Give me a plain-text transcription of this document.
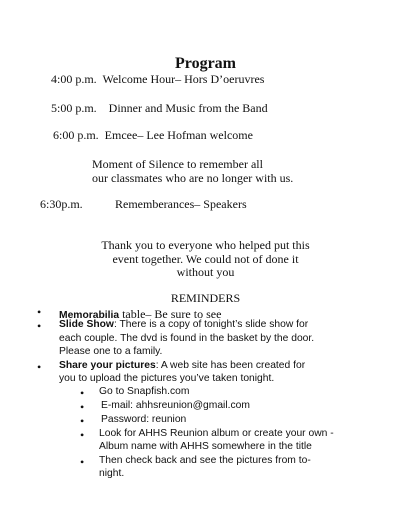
Program
4:00 p.m. Welcome Hour– Hors D’oeruvres
5:00 p.m. Dinner and Music from the Band
6:00 p.m. Emcee– Lee Hofman welcome
Moment of Silence to remember all
our classmates who are no longer with us.
6:30p.m.	Rememberances– Speakers
Thank you to everyone who helped put this
event together. We could not of done it
without you
REMINDERS
• Memorabilia table– Be sure to see
• Slide Show: There is a copy of tonight’s slide show for
each couple. The dvd is found in the basket by the door.
Please one to a family.
• Share your pictures: A web site has been created for
you to upload the pictures you’ve taken tonight.
• Go to Snapfish.com
• E-mail: ahhsreunion@gmail.com
• Password: reunion
• Look for AHHS Reunion album or create your own -
Album name with AHHS somewhere in the title
• Then check back and see the pictures from to-
night.
